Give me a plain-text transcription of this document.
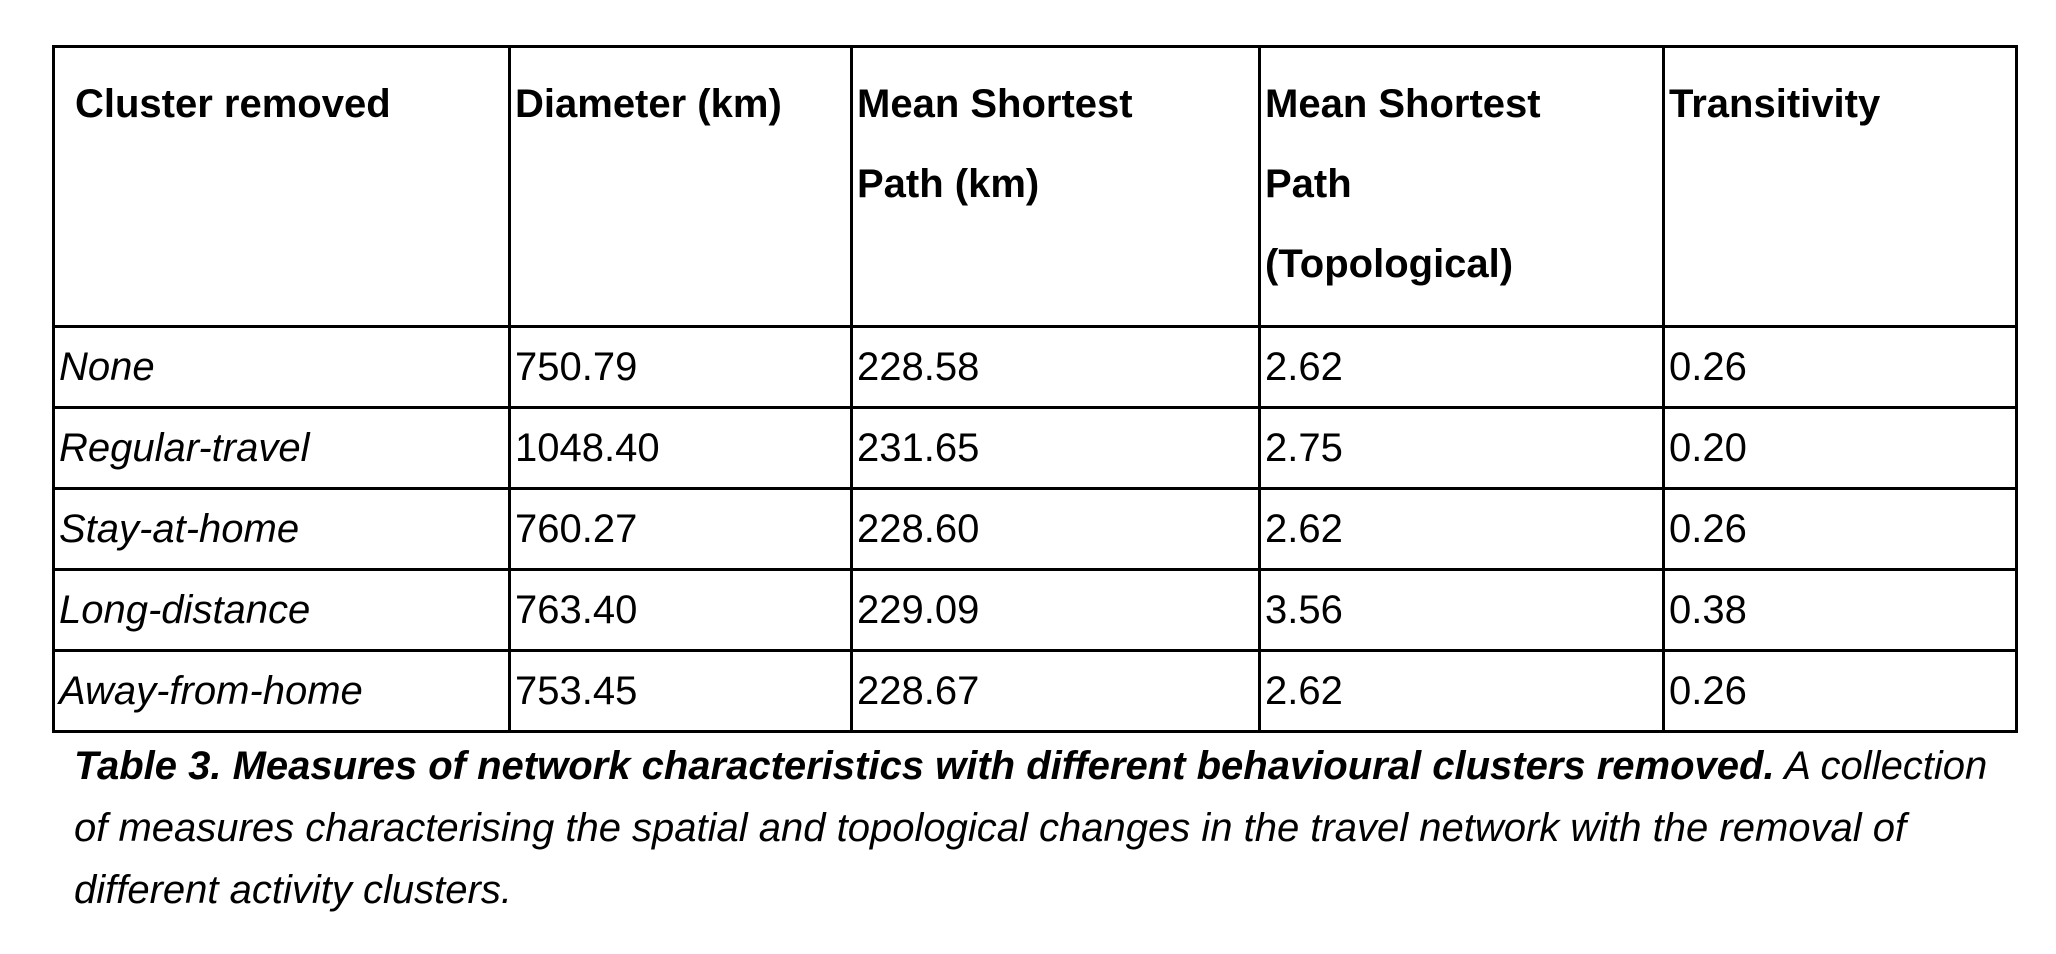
Cluster removed	Diameter (km)	Mean Shortest Path (km)	Mean Shortest Path (Topological)	Transitivity
None	750.79	228.58	2.62	0.26
Regular-travel	1048.40	231.65	2.75	0.20
Stay-at-home	760.27	228.60	2.62	0.26
Long-distance	763.40	229.09	3.56	0.38
Away-from-home	753.45	228.67	2.62	0.26
Table 3. Measures of network characteristics with different behavioural clusters removed. A collection of measures characterising the spatial and topological changes in the travel network with the removal of different activity clusters.
